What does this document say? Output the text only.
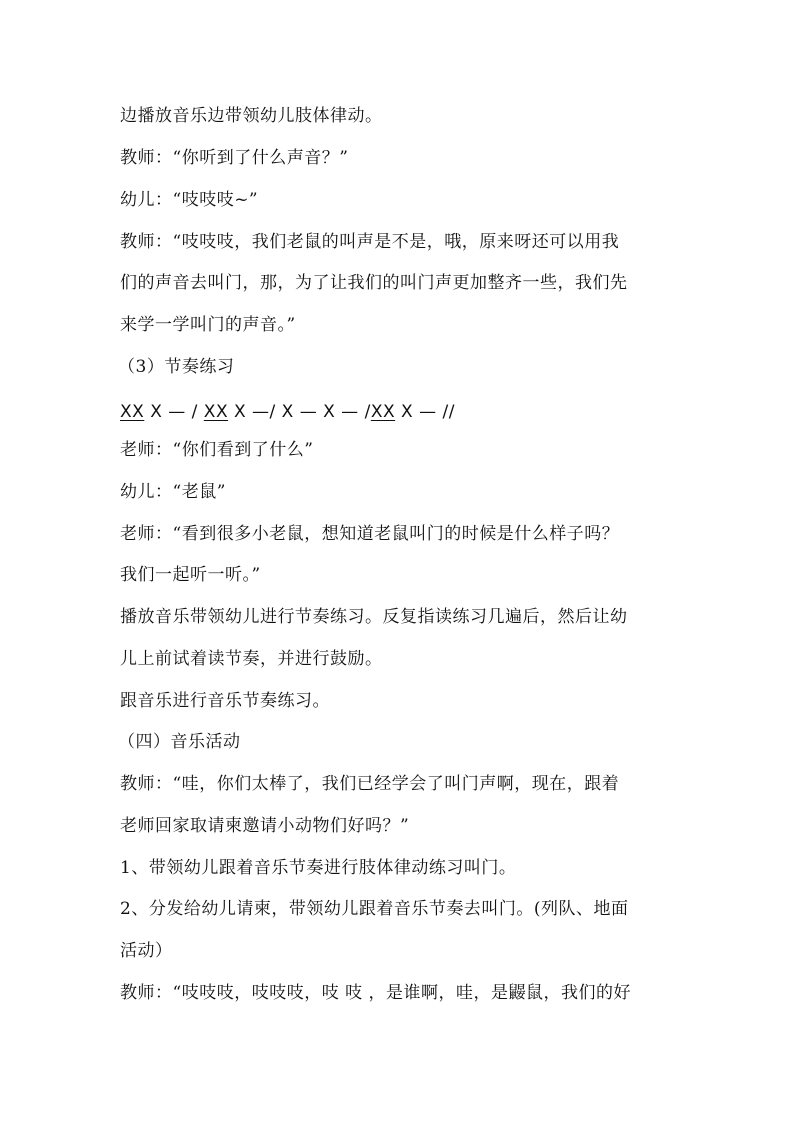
边播放音乐边带领幼儿肢体律动。
教师：“你听到了什么声音？”
幼儿：“吱吱吱~”
教师：“吱吱吱，我们老鼠的叫声是不是，哦，原来呀还可以用我
们的声音去叫门，那，为了让我们的叫门声更加整齐一些，我们先
来学一学叫门的声音。”
（3）节奏练习
XX X — / XX X —/ X — X — /XX X — //
老师：“你们看到了什么”
幼儿：“老鼠”
老师：“看到很多小老鼠，想知道老鼠叫门的时候是什么样子吗？
我们一起听一听。”
播放音乐带领幼儿进行节奏练习。反复指读练习几遍后，然后让幼
儿上前试着读节奏，并进行鼓励。
跟音乐进行音乐节奏练习。
（四）音乐活动
教师：“哇，你们太棒了，我们已经学会了叫门声啊，现在，跟着
老师回家取请柬邀请小动物们好吗？”
1、带领幼儿跟着音乐节奏进行肢体律动练习叫门。
2、分发给幼儿请柬，带领幼儿跟着音乐节奏去叫门。(列队、地面
活动）
教师：“吱吱吱，吱吱吱，吱 吱 ，是谁啊，哇，是鼹鼠，我们的好
